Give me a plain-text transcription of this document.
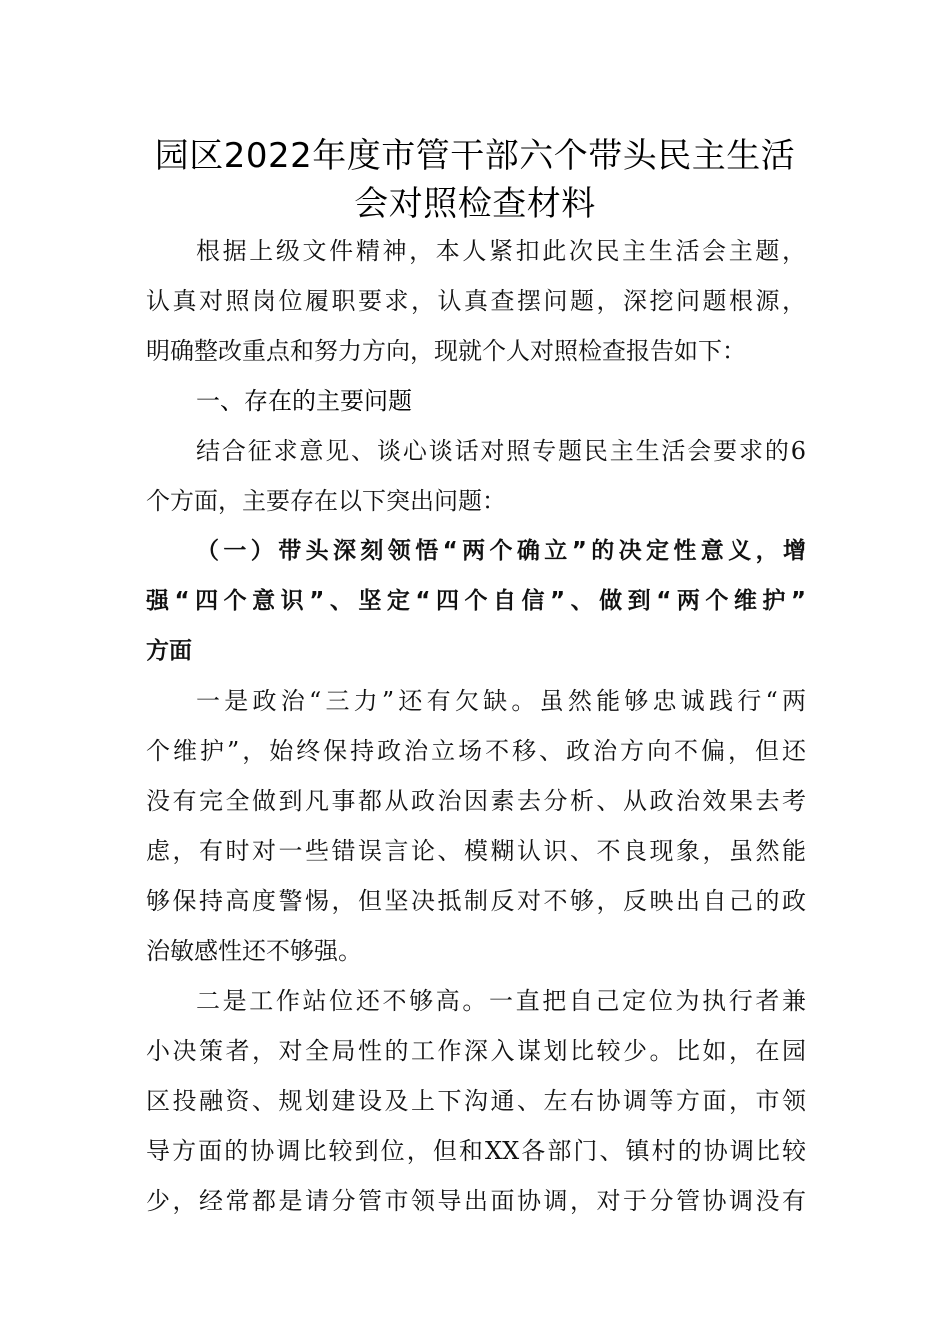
园区2022年度市管干部六个带头民主生活
会对照检查材料
根据上级文件精神，本人紧扣此次民主生活会主题，
认真对照岗位履职要求，认真查摆问题，深挖问题根源，
明确整改重点和努力方向，现就个人对照检查报告如下：
一、存在的主要问题
结合征求意见、谈心谈话对照专题民主生活会要求的6
个方面，主要存在以下突出问题：
（一）带头深刻领悟“两个确立”的决定性意义，增
强“四个意识”、坚定“四个自信”、做到“两个维护”
方面
一是政治“三力”还有欠缺。虽然能够忠诚践行“两
个维护”，始终保持政治立场不移、政治方向不偏，但还
没有完全做到凡事都从政治因素去分析、从政治效果去考
虑，有时对一些错误言论、模糊认识、不良现象，虽然能
够保持高度警惕，但坚决抵制反对不够，反映出自己的政
治敏感性还不够强。
二是工作站位还不够高。一直把自己定位为执行者兼
小决策者，对全局性的工作深入谋划比较少。比如，在园
区投融资、规划建设及上下沟通、左右协调等方面，市领
导方面的协调比较到位，但和XX各部门、镇村的协调比较
少，经常都是请分管市领导出面协调，对于分管协调没有
